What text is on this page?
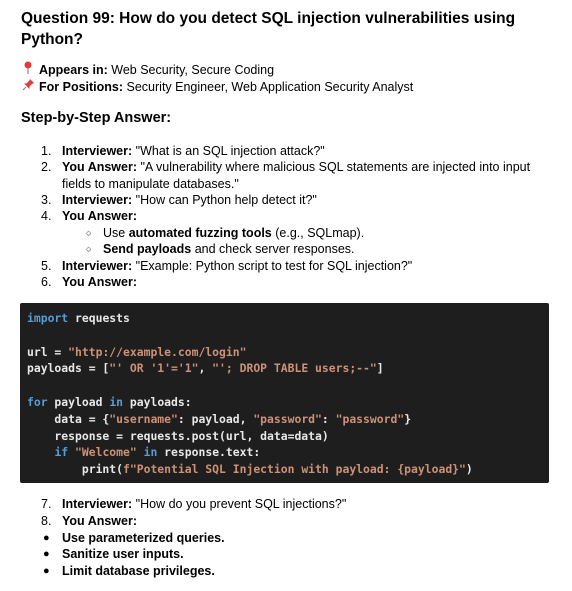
Question 99: How do you detect SQL injection vulnerabilities using Python?
Appears in: Web Security, Secure Coding
For Positions: Security Engineer, Web Application Security Analyst
Step-by-Step Answer:
1. Interviewer: "What is an SQL injection attack?"
2. You Answer: "A vulnerability where malicious SQL statements are injected into input fields to manipulate databases."
3. Interviewer: "How can Python help detect it?"
4. You Answer:
○ Use automated fuzzing tools (e.g., SQLmap).
○ Send payloads and check server responses.
5. Interviewer: "Example: Python script to test for SQL injection?"
6. You Answer:
import requests

url = "http://example.com/login"
payloads = ["' OR '1'='1", "'; DROP TABLE users;--"]

for payload in payloads:
data = {"username": payload, "password": "password"}
response = requests.post(url, data=data)
if "Welcome" in response.text:
print(f"Potential SQL Injection with payload: {payload}")
7. Interviewer: "How do you prevent SQL injections?"
8. You Answer:
● Use parameterized queries.
● Sanitize user inputs.
● Limit database privileges.
